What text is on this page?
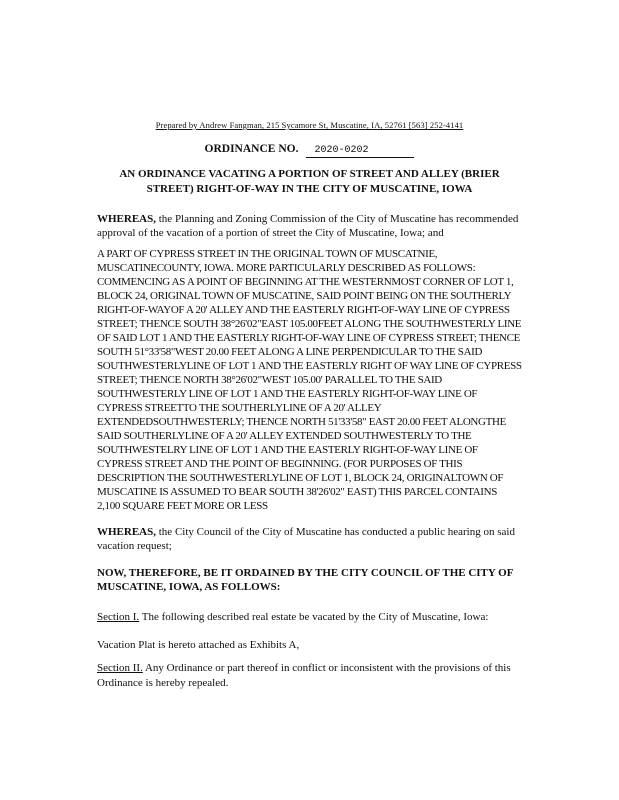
Prepared by Andrew Fangman, 215 Sycamore St, Muscatine, IA, 52761 [563] 252-4141
ORDINANCE NO. 2020-0202
AN ORDINANCE VACATING A PORTION OF STREET AND ALLEY (BRIER
STREET) RIGHT-OF-WAY IN THE CITY OF MUSCATINE, IOWA

WHEREAS, the Planning and Zoning Commission of the City of Muscatine has recommended approval of the vacation of a portion of street the City of Muscatine, Iowa; and

A PART OF CYPRESS STREET IN THE ORIGINAL TOWN OF MUSCATNIE, MUSCATINECOUNTY, IOWA. MORE PARTICULARLY DESCRIBED AS FOLLOWS: COMMENCING AS A POINT OF BEGINNING AT THE WESTERNMOST CORNER OF LOT 1, BLOCK 24, ORIGINAL TOWN OF MUSCATINE, SAID POINT BEING ON THE SOUTHERLY RIGHT-OF-WAYOF A 20' ALLEY AND THE EASTERLY RIGHT-OF-WAY LINE OF CYPRESS STREET; THENCE SOUTH 38°26'02"EAST 105.00FEET ALONG THE SOUTHWESTERLY LINE OF SAID LOT 1 AND THE EASTERLY RIGHT-OF-WAY LINE OF CYPRESS STREET; THENCE SOUTH 51°33'58"WEST 20.00 FEET ALONG A LINE PERPENDICULAR TO THE SAID SOUTHWESTERLYLINE OF LOT 1 AND THE EASTERLY RIGHT OF WAY LINE OF CYPRESS STREET; THENCE NORTH 38°26'02"WEST 105.00' PARALLEL TO THE SAID SOUTHWESTERLY LINE OF LOT 1 AND THE EASTERLY RIGHT-OF-WAY LINE OF CYPRESS STREETTO THE SOUTHERLYLINE OF A 20' ALLEY EXTENDEDSOUTHWESTERLY; THENCE NORTH 51'33'58" EAST 20.00 FEET ALONGTHE SAID SOUTHERLYLINE OF A 20' ALLEY EXTENDED SOUTHWESTERLY TO THE SOUTHWESTELRY LINE OF LOT 1 AND THE EASTERLY RIGHT-OF-WAY LINE OF CYPRESS STREET AND THE POINT OF BEGINNING. (FOR PURPOSES OF THIS DESCRIPTION THE SOUTHWESTERLYLINE OF LOT 1, BLOCK 24, ORIGINALTOWN OF MUSCATINE IS ASSUMED TO BEAR SOUTH 38'26'02" EAST) THIS PARCEL CONTAINS 2,100 SQUARE FEET MORE OR LESS

WHEREAS, the City Council of the City of Muscatine has conducted a public hearing on said vacation request;

NOW, THEREFORE, BE IT ORDAINED BY THE CITY COUNCIL OF THE CITY OF MUSCATINE, IOWA, AS FOLLOWS:

Section I. The following described real estate be vacated by the City of Muscatine, Iowa:

Vacation Plat is hereto attached as Exhibits A,

Section II. Any Ordinance or part thereof in conflict or inconsistent with the provisions of this Ordinance is hereby repealed.
